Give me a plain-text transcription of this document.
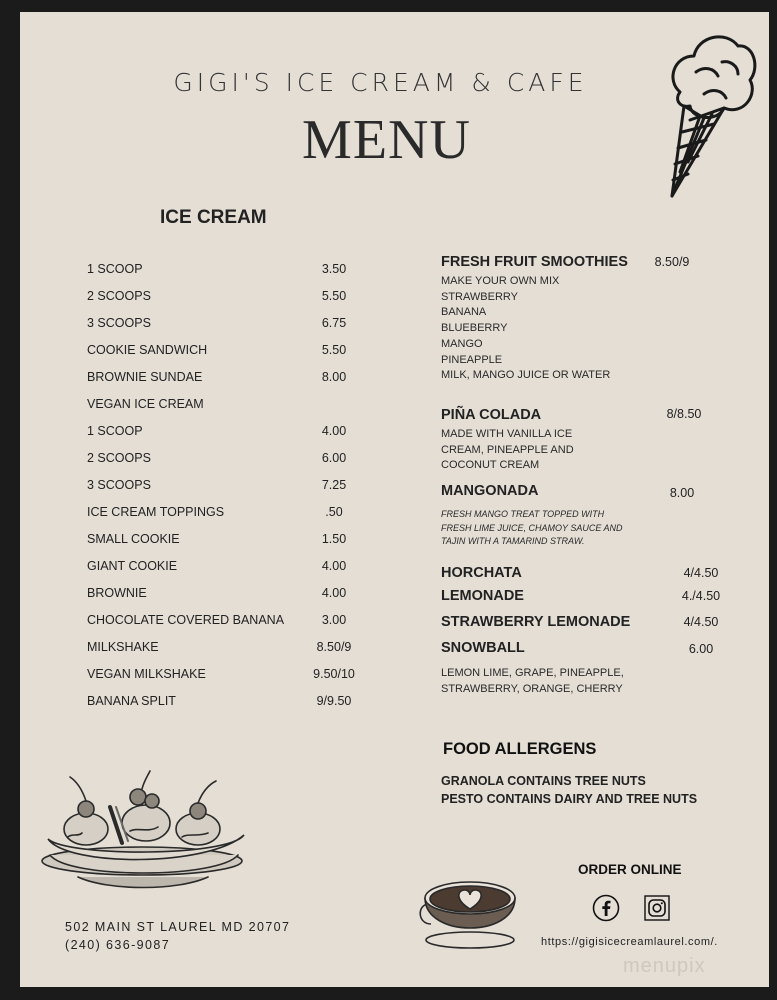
GIGI'S ICE CREAM & CAFE
MENU
ICE CREAM
1 SCOOP	3.50
2 SCOOPS	5.50
3 SCOOPS	6.75
COOKIE SANDWICH	5.50
BROWNIE SUNDAE	8.00
VEGAN ICE CREAM
1 SCOOP	4.00
2 SCOOPS	6.00
3 SCOOPS	7.25
ICE CREAM TOPPINGS	.50
SMALL COOKIE	1.50
GIANT COOKIE	4.00
BROWNIE	4.00
CHOCOLATE COVERED BANANA	3.00
MILKSHAKE	8.50/9
VEGAN MILKSHAKE	9.50/10
BANANA SPLIT	9/9.50
FRESH FRUIT SMOOTHIES	8.50/9
MAKE YOUR OWN MIX
STRAWBERRY
BANANA
BLUEBERRY
MANGO
PINEAPPLE
MILK, MANGO JUICE OR WATER
PIÑA COLADA	8/8.50
MADE WITH VANILLA ICE
CREAM, PINEAPPLE AND
COCONUT CREAM
MANGONADA	8.00
FRESH MANGO TREAT TOPPED WITH
FRESH LIME JUICE, CHAMOY SAUCE AND
TAJIN WITH A TAMARIND STRAW.
HORCHATA	4/4.50
LEMONADE	4./4.50
STRAWBERRY LEMONADE	4/4.50
SNOWBALL	6.00
LEMON LIME, GRAPE, PINEAPPLE,
STRAWBERRY, ORANGE, CHERRY
FOOD ALLERGENS
GRANOLA CONTAINS TREE NUTS
PESTO CONTAINS DAIRY AND TREE NUTS
502 MAIN ST LAUREL MD 20707
(240) 636-9087
ORDER ONLINE
https://gigisicecreamlaurel.com/.
menupix
